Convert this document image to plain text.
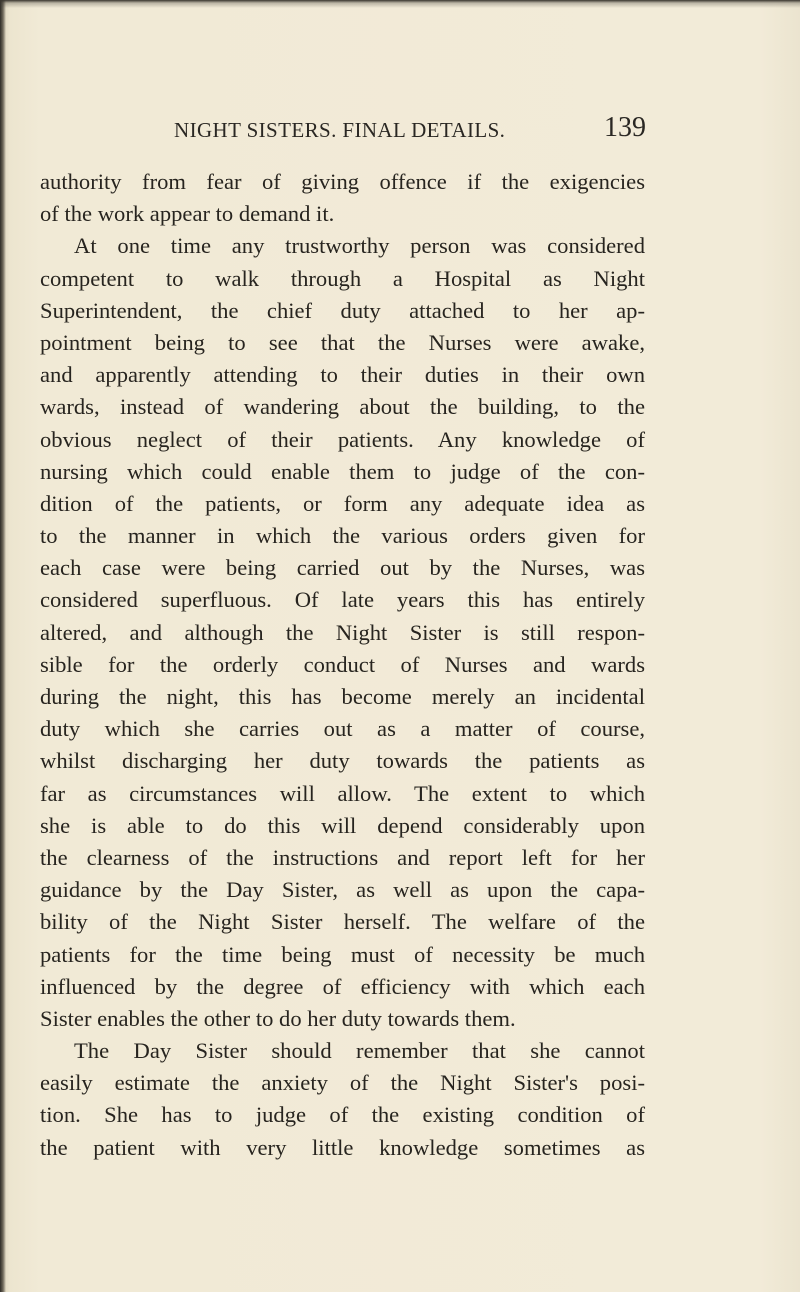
NIGHT SISTERS. FINAL DETAILS.	139
authority from fear of giving offence if the exigencies
of the work appear to demand it.
At one time any trustworthy person was considered
competent to walk through a Hospital as Night
Superintendent, the chief duty attached to her ap-
pointment being to see that the Nurses were awake,
and apparently attending to their duties in their own
wards, instead of wandering about the building, to the
obvious neglect of their patients. Any knowledge of
nursing which could enable them to judge of the con-
dition of the patients, or form any adequate idea as
to the manner in which the various orders given for
each case were being carried out by the Nurses, was
considered superfluous. Of late years this has entirely
altered, and although the Night Sister is still respon-
sible for the orderly conduct of Nurses and wards
during the night, this has become merely an incidental
duty which she carries out as a matter of course,
whilst discharging her duty towards the patients as
far as circumstances will allow. The extent to which
she is able to do this will depend considerably upon
the clearness of the instructions and report left for her
guidance by the Day Sister, as well as upon the capa-
bility of the Night Sister herself. The welfare of the
patients for the time being must of necessity be much
influenced by the degree of efficiency with which each
Sister enables the other to do her duty towards them.
The Day Sister should remember that she cannot
easily estimate the anxiety of the Night Sister's posi-
tion. She has to judge of the existing condition of
the patient with very little knowledge sometimes as
